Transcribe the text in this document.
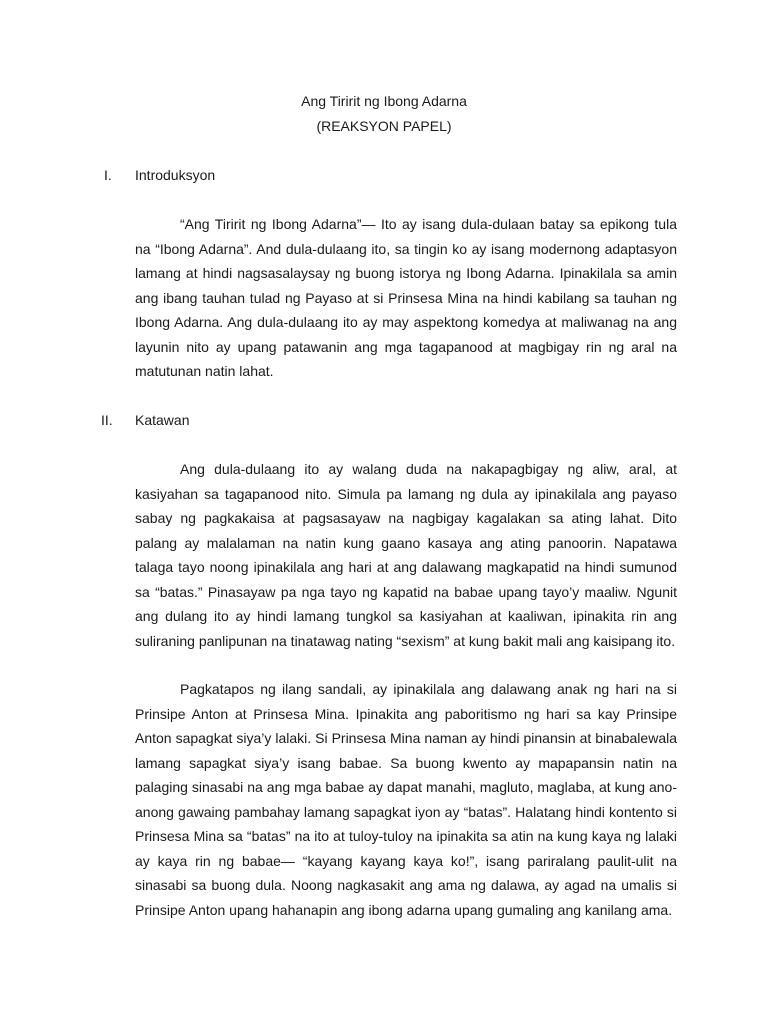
Ang Tiririt ng Ibong Adarna
(REAKSYON PAPEL)
I. Introduksyon

“Ang Tiririt ng Ibong Adarna”— Ito ay isang dula-dulaan batay sa epikong tula na “Ibong Adarna”. And dula-dulaang ito, sa tingin ko ay isang modernong adaptasyon lamang at hindi nagsasalaysay ng buong istorya ng Ibong Adarna. Ipinakilala sa amin ang ibang tauhan tulad ng Payaso at si Prinsesa Mina na hindi kabilang sa tauhan ng Ibong Adarna. Ang dula-dulaang ito ay may aspektong komedya at maliwanag na ang layunin nito ay upang patawanin ang mga tagapanood at magbigay rin ng aral na matutunan natin lahat.

II. Katawan

Ang dula-dulaang ito ay walang duda na nakapagbigay ng aliw, aral, at kasiyahan sa tagapanood nito. Simula pa lamang ng dula ay ipinakilala ang payaso sabay ng pagkakaisa at pagsasayaw na nagbigay kagalakan sa ating lahat. Dito palang ay malalaman na natin kung gaano kasaya ang ating panoorin. Napatawa talaga tayo noong ipinakilala ang hari at ang dalawang magkapatid na hindi sumunod sa “batas.” Pinasayaw pa nga tayo ng kapatid na babae upang tayo’y maaliw. Ngunit ang dulang ito ay hindi lamang tungkol sa kasiyahan at kaaliwan, ipinakita rin ang suliraning panlipunan na tinatawag nating “sexism” at kung bakit mali ang kaisipang ito.

Pagkatapos ng ilang sandali, ay ipinakilala ang dalawang anak ng hari na si Prinsipe Anton at Prinsesa Mina. Ipinakita ang paboritismo ng hari sa kay Prinsipe Anton sapagkat siya’y lalaki. Si Prinsesa Mina naman ay hindi pinansin at binabalewala lamang sapagkat siya’y isang babae. Sa buong kwento ay mapapansin natin na palaging sinasabi na ang mga babae ay dapat manahi, magluto, maglaba, at kung ano-anong gawaing pambahay lamang sapagkat iyon ay “batas”. Halatang hindi kontento si Prinsesa Mina sa “batas” na ito at tuloy-tuloy na ipinakita sa atin na kung kaya ng lalaki ay kaya rin ng babae— “kayang kayang kaya ko!”, isang parirala​ng paulit-ulit na sinasabi sa buong dula. Noong nagkasakit ang ama ng dalawa, ay agad na umalis si Prinsipe Anton upang hahanapin ang ibong adarna upang gumaling ang kanilang ama.
